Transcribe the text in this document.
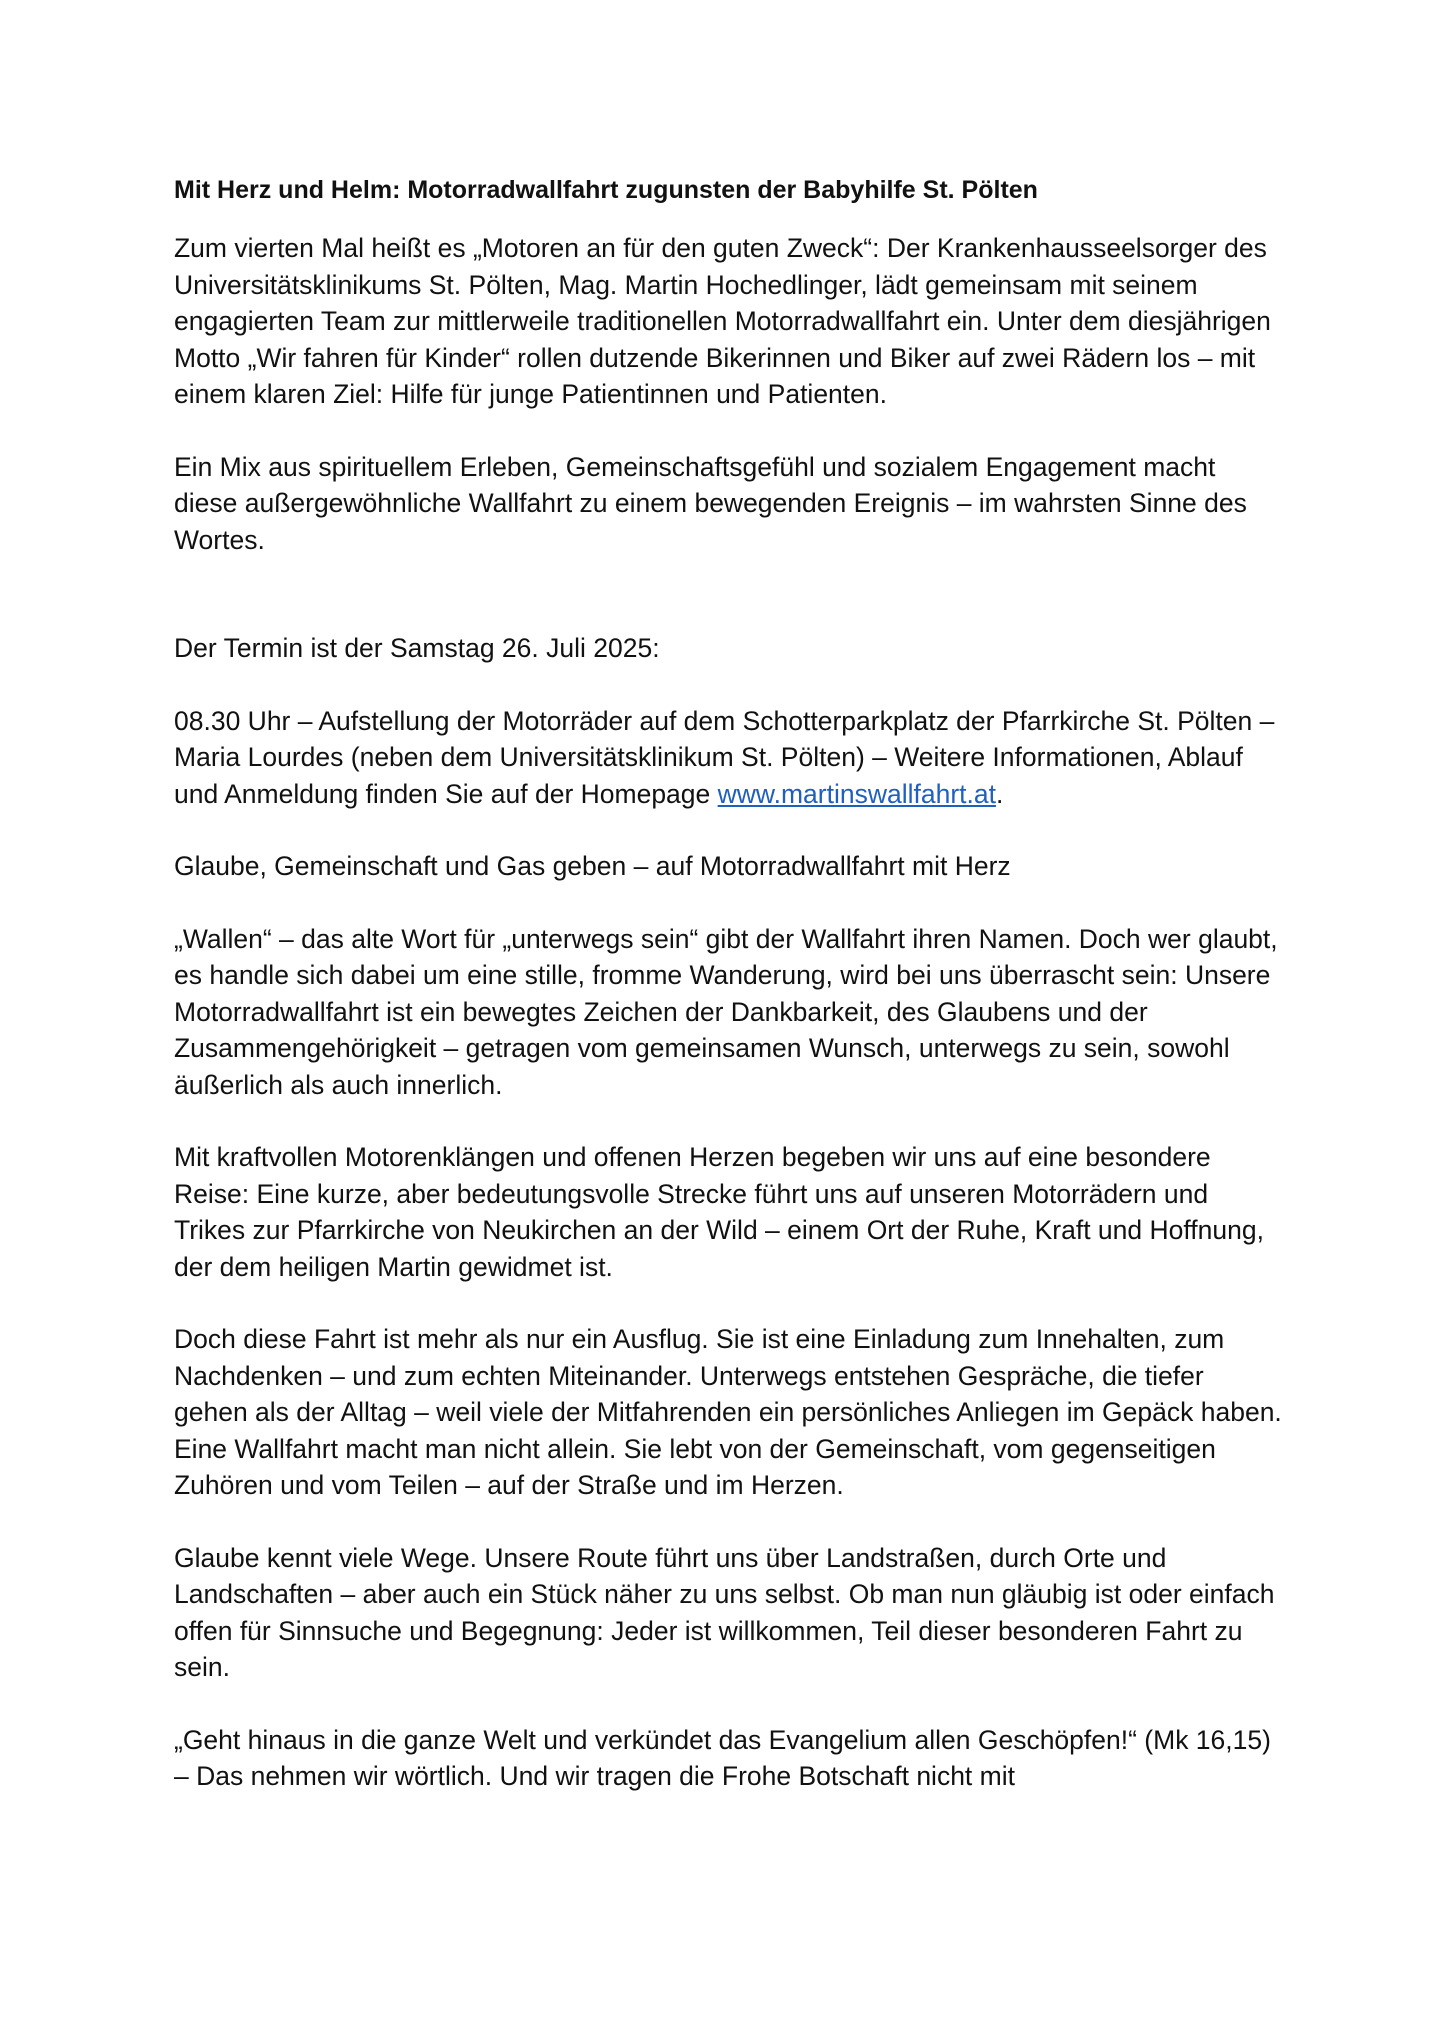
Mit Herz und Helm: Motorradwallfahrt zugunsten der Babyhilfe St. Pölten

Zum vierten Mal heißt es „Motoren an für den guten Zweck“: Der Krankenhausseelsorger des Universitätsklinikums St. Pölten, Mag. Martin Hochedlinger, lädt gemeinsam mit seinem engagierten Team zur mittlerweile traditionellen Motorradwallfahrt ein. Unter dem diesjährigen Motto „Wir fahren für Kinder“ rollen dutzende Bikerinnen und Biker auf zwei Rädern los – mit einem klaren Ziel: Hilfe für junge Patientinnen und Patienten.

Ein Mix aus spirituellem Erleben, Gemeinschaftsgefühl und sozialem Engagement macht diese außergewöhnliche Wallfahrt zu einem bewegenden Ereignis – im wahrsten Sinne des Wortes.

Der Termin ist der Samstag 26. Juli 2025:

08.30 Uhr – Aufstellung der Motorräder auf dem Schotterparkplatz der Pfarrkirche St. Pölten – Maria Lourdes (neben dem Universitätsklinikum St. Pölten) – Weitere Informationen, Ablauf und Anmeldung finden Sie auf der Homepage www.martinswallfahrt.at.

Glaube, Gemeinschaft und Gas geben – auf Motorradwallfahrt mit Herz

„Wallen“ – das alte Wort für „unterwegs sein“ gibt der Wallfahrt ihren Namen. Doch wer glaubt, es handle sich dabei um eine stille, fromme Wanderung, wird bei uns überrascht sein: Unsere Motorradwallfahrt ist ein bewegtes Zeichen der Dankbarkeit, des Glaubens und der Zusammengehörigkeit – getragen vom gemeinsamen Wunsch, unterwegs zu sein, sowohl äußerlich als auch innerlich.

Mit kraftvollen Motorenklängen und offenen Herzen begeben wir uns auf eine besondere Reise: Eine kurze, aber bedeutungsvolle Strecke führt uns auf unseren Motorrädern und Trikes zur Pfarrkirche von Neukirchen an der Wild – einem Ort der Ruhe, Kraft und Hoffnung, der dem heiligen Martin gewidmet ist.

Doch diese Fahrt ist mehr als nur ein Ausflug. Sie ist eine Einladung zum Innehalten, zum Nachdenken – und zum echten Miteinander. Unterwegs entstehen Gespräche, die tiefer gehen als der Alltag – weil viele der Mitfahrenden ein persönliches Anliegen im Gepäck haben. Eine Wallfahrt macht man nicht allein. Sie lebt von der Gemeinschaft, vom gegenseitigen Zuhören und vom Teilen – auf der Straße und im Herzen.

Glaube kennt viele Wege. Unsere Route führt uns über Landstraßen, durch Orte und Landschaften – aber auch ein Stück näher zu uns selbst. Ob man nun gläubig ist oder einfach offen für Sinnsuche und Begegnung: Jeder ist willkommen, Teil dieser besonderen Fahrt zu sein.

„Geht hinaus in die ganze Welt und verkündet das Evangelium allen Geschöpfen!“ (Mk 16,15) – Das nehmen wir wörtlich. Und wir tragen die Frohe Botschaft nicht mit
